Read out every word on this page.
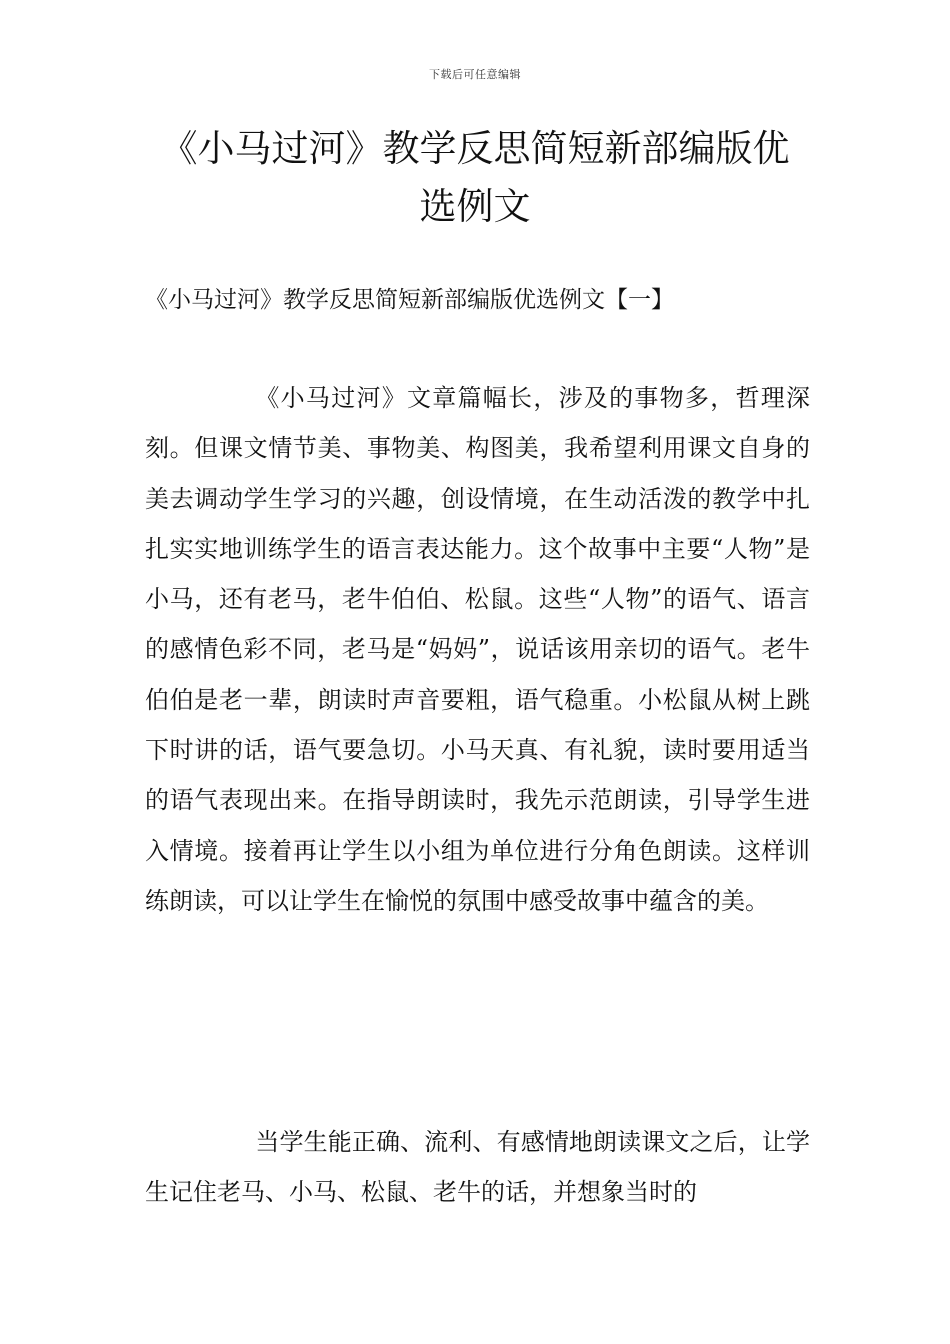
下载后可任意编辑
《小马过河》教学反思简短新部编版优选例文

《小马过河》教学反思简短新部编版优选例文【一】

《小马过河》文章篇幅长，涉及的事物多，哲理深刻。但课文情节美、事物美、构图美，我希望利用课文自身的美去调动学生学习的兴趣，创设情境，在生动活泼的教学中扎扎实实地训练学生的语言表达能力。这个故事中主要“人物”是小马，还有老马，老牛伯伯、松鼠。这些“人物”的语气、语言的感情色彩不同，老马是“妈妈”，说话该用亲切的语气。老牛伯伯是老一辈，朗读时声音要粗，语气稳重。小松鼠从树上跳下时讲的话，语气要急切。小马天真、有礼貌，读时要用适当的语气表现出来。在指导朗读时，我先示范朗读，引导学生进入情境。接着再让学生以小组为单位进行分角色朗读。这样训练朗读，可以让学生在愉悦的氛围中感受故事中蕴含的美。

当学生能正确、流利、有感情地朗读课文之后，让学生记住老马、小马、松鼠、老牛的话，并想象当时的
